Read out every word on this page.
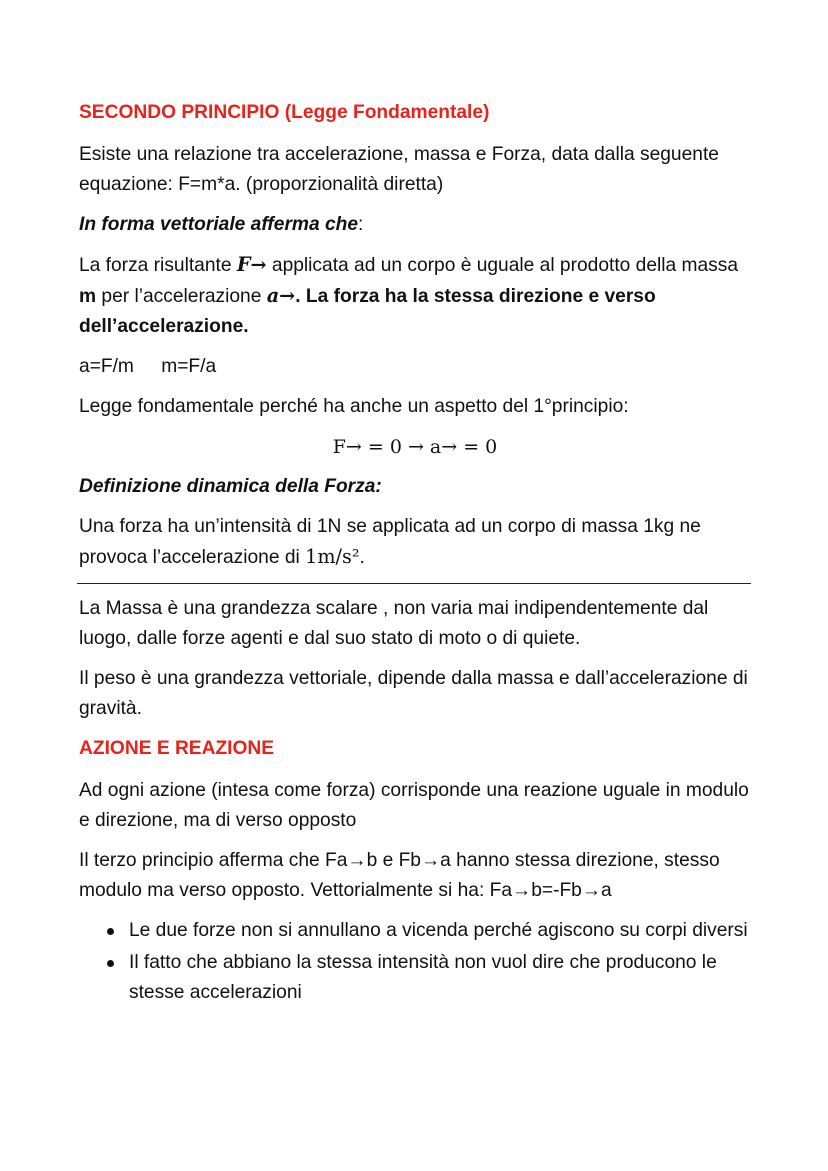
SECONDO PRINCIPIO (Legge Fondamentale)

Esiste una relazione tra accelerazione, massa e Forza, data dalla seguente equazione: F=m*a. (proporzionalità diretta)

In forma vettoriale afferma che:

La forza risultante F→ applicata ad un corpo è uguale al prodotto della massa m per l’accelerazione a→. La forza ha la stessa direzione e verso dell’accelerazione.

a=F/m m=F/a

Legge fondamentale perché ha anche un aspetto del 1°principio:

F→ = 0 → a→ = 0

Definizione dinamica della Forza:

Una forza ha un’intensità di 1N se applicata ad un corpo di massa 1kg ne provoca l’accelerazione di 1m/s².

La Massa è una grandezza scalare , non varia mai indipendentemente dal luogo, dalle forze agenti e dal suo stato di moto o di quiete.

Il peso è una grandezza vettoriale, dipende dalla massa e dall’accelerazione di gravità.

AZIONE E REAZIONE

Ad ogni azione (intesa come forza) corrisponde una reazione uguale in modulo e direzione, ma di verso opposto

Il terzo principio afferma che Fa→b e Fb→a hanno stessa direzione, stesso modulo ma verso opposto. Vettorialmente si ha: Fa→b=-Fb→a

Le due forze non si annullano a vicenda perché agiscono su corpi diversi
Il fatto che abbiano la stessa intensità non vuol dire che producono le stesse accelerazioni
